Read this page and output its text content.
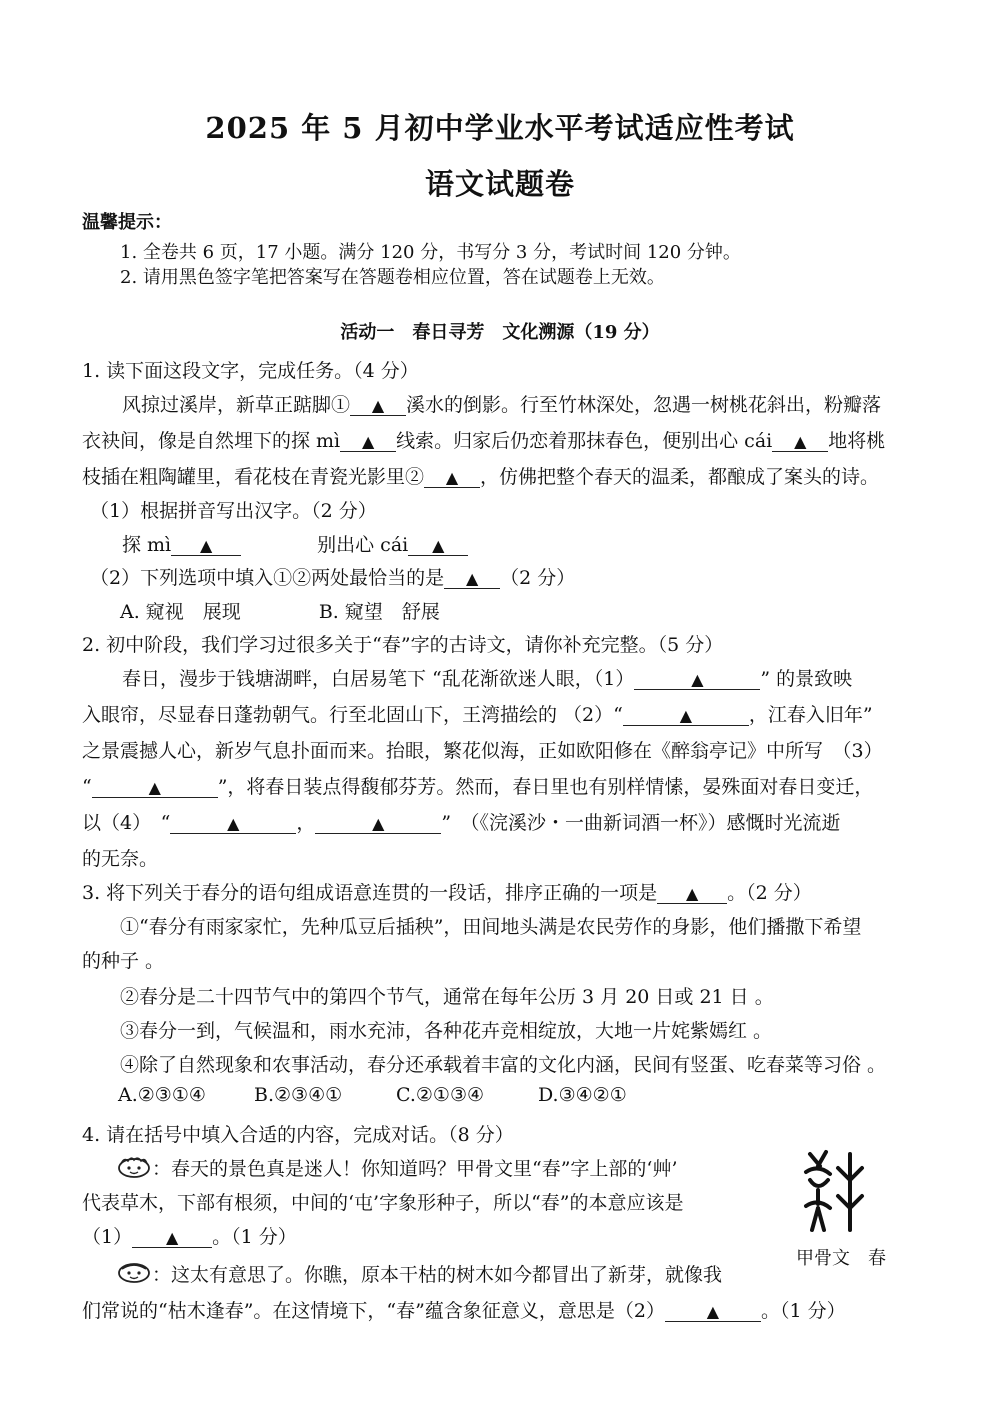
2025 年 5 月初中学业水平考试适应性考试
语文试题卷
温馨提示：
1. 全卷共 6 页，17 小题。满分 120 分，书写分 3 分，考试时间 120 分钟。
2. 请用黑色签字笔把答案写在答题卷相应位置，答在试题卷上无效。
活动一　春日寻芳　文化溯源（19 分）
1. 读下面这段文字，完成任务。（4 分）
风掠过溪岸，新草正踮脚① ▲ 溪水的倒影。行至竹林深处，忽遇一树桃花斜出，粉瓣落
衣袂间，像是自然埋下的探 mì ▲ 线索。归家后仍恋着那抹春色，便别出心 cái ▲ 地将桃
枝插在粗陶罐里，看花枝在青瓷光影里② ▲ ，仿佛把整个春天的温柔，都酿成了案头的诗。
（1）根据拼音写出汉字。（2 分）
探 mì ▲	别出心 cái ▲
（2）下列选项中填入①②两处最恰当的是 ▲ （2 分）
A. 窥视　展现	B. 窥望　舒展
2. 初中阶段，我们学习过很多关于“春”字的古诗文，请你补充完整。（5 分）
春日，漫步于钱塘湖畔，白居易笔下 “乱花渐欲迷人眼，（1）	▲	” 的景致映
入眼帘，尽显春日蓬勃朝气。行至北固山下，王湾描绘的 （2）“	▲	，江春入旧年”
之景震撼人心，新岁气息扑面而来。抬眼，繁花似海，正如欧阳修在《醉翁亭记》中所写　（3）
“	▲	”，将春日装点得馥郁芬芳。然而，春日里也有别样情愫，晏殊面对春日变迁，
以（4）　“	▲	，	▲	”　（《浣溪沙・一曲新词酒一杯》）感慨时光流逝
的无奈。
3. 将下列关于春分的语句组成语意连贯的一段话，排序正确的一项是 ▲ 。（2 分）
①“春分有雨家家忙，先种瓜豆后插秧”，田间地头满是农民劳作的身影，他们播撒下希望
的种子 。
②春分是二十四节气中的第四个节气，通常在每年公历 3 月 20 日或 21 日 。
③春分一到，气候温和，雨水充沛，各种花卉竞相绽放，大地一片姹紫嫣红 。
④除了自然现象和农事活动，春分还承载着丰富的文化内涵，民间有竖蛋、吃春菜等习俗 。
A.②③①④	B.②③④①	C.②①③④	D.③④②①
4. 请在括号中填入合适的内容，完成对话。（8 分）
：春天的景色真是迷人！你知道吗？甲骨文里“春”字上部的‘艸’
代表草木，下部有根须，中间的‘屯’字象形种子，所以“春”的本意应该是
（1） ▲ 。（1 分）
：这太有意思了。你瞧，原本干枯的树木如今都冒出了新芽，就像我
们常说的“枯木逢春”。在这情境下，“春”蕴含象征意义，意思是（2）	▲ 。（1 分）
甲骨文　春
